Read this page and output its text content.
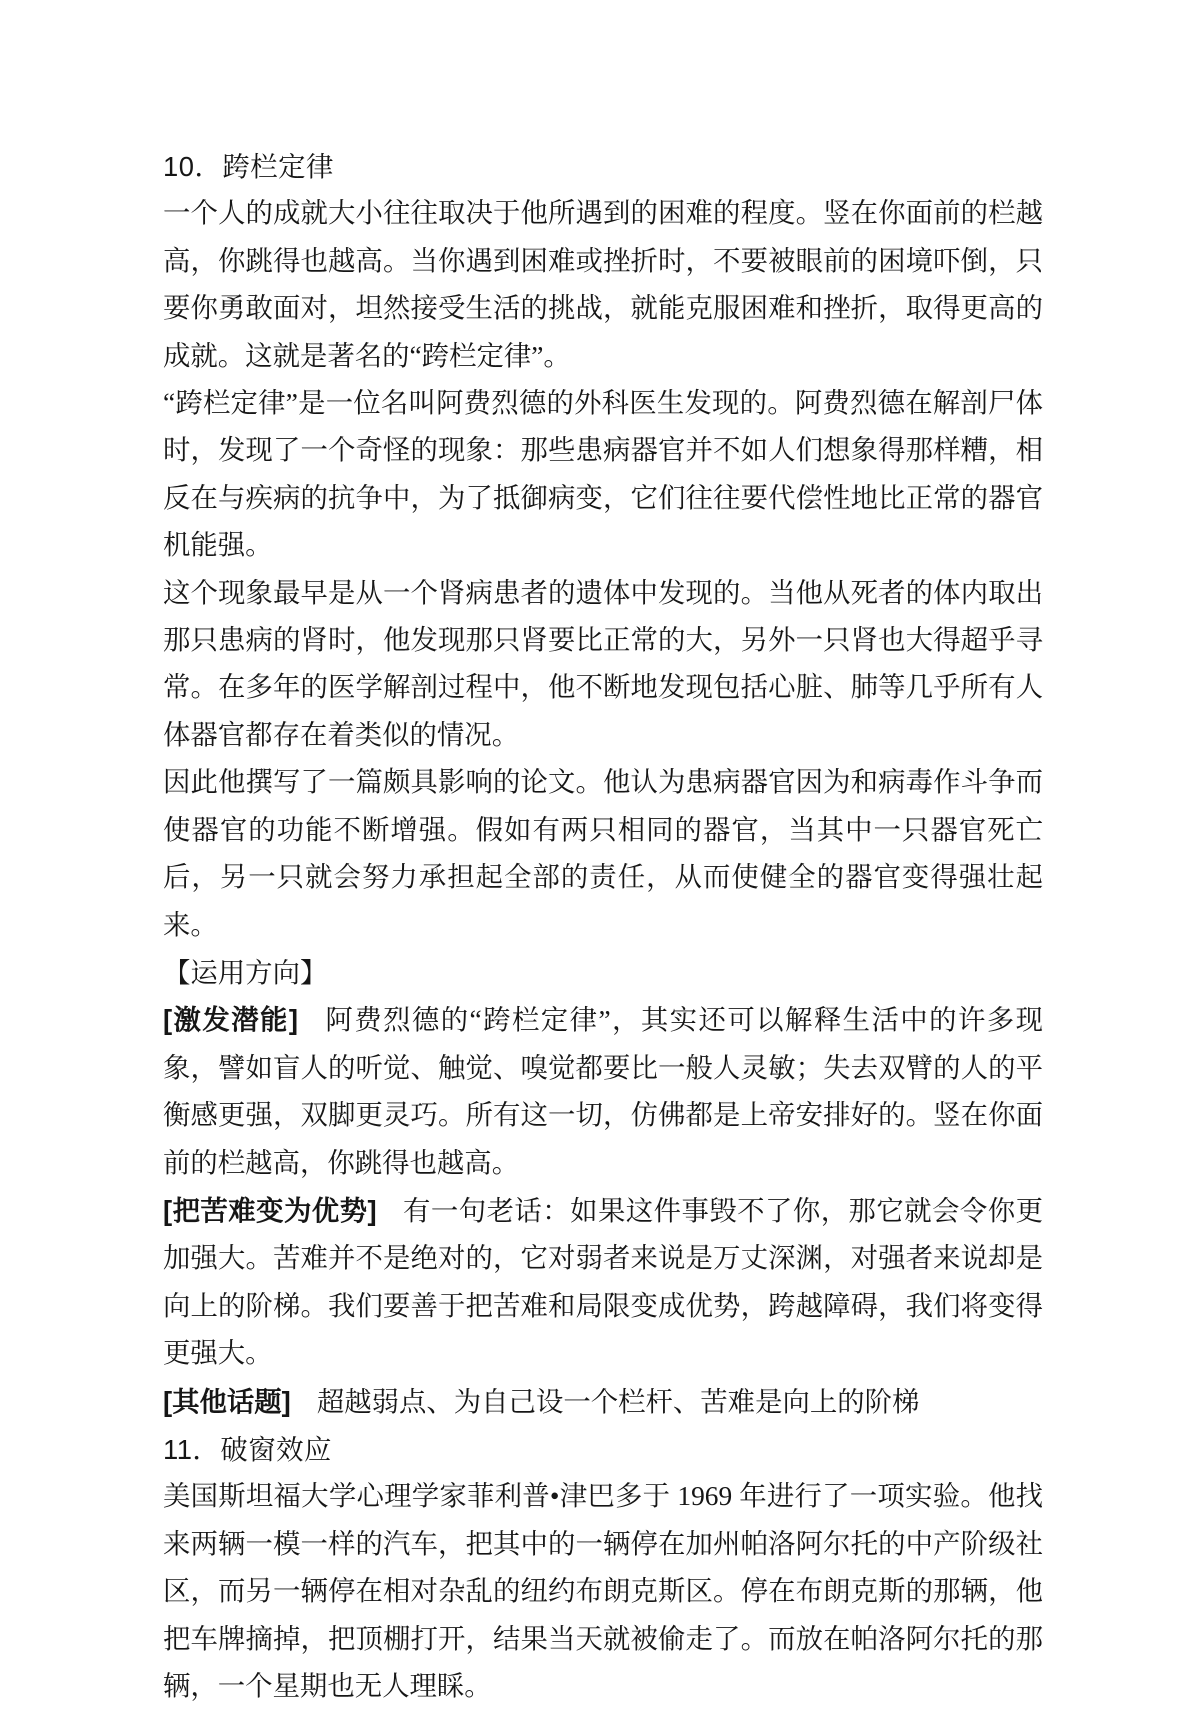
10．跨栏定律

一个人的成就大小往往取决于他所遇到的困难的程度。竖在你面前的栏越高，你跳得也越高。当你遇到困难或挫折时，不要被眼前的困境吓倒，只要你勇敢面对，坦然接受生活的挑战，就能克服困难和挫折，取得更高的成就。这就是著名的“跨栏定律”。

“跨栏定律”是一位名叫阿费烈德的外科医生发现的。阿费烈德在解剖尸体时，发现了一个奇怪的现象：那些患病器官并不如人们想象得那样糟，相反在与疾病的抗争中，为了抵御病变，它们往往要代偿性地比正常的器官机能强。

这个现象最早是从一个肾病患者的遗体中发现的。当他从死者的体内取出那只患病的肾时，他发现那只肾要比正常的大，另外一只肾也大得超乎寻常。在多年的医学解剖过程中，他不断地发现包括心脏、肺等几乎所有人体器官都存在着类似的情况。

因此他撰写了一篇颇具影响的论文。他认为患病器官因为和病毒作斗争而使器官的功能不断增强。假如有两只相同的器官，当其中一只器官死亡后，另一只就会努力承担起全部的责任，从而使健全的器官变得强壮起来。

【运用方向】

[激发潜能] 阿费烈德的“跨栏定律”，其实还可以解释生活中的许多现象，譬如盲人的听觉、触觉、嗅觉都要比一般人灵敏；失去双臂的人的平衡感更强，双脚更灵巧。所有这一切，仿佛都是上帝安排好的。竖在你面前的栏越高，你跳得也越高。

[把苦难变为优势] 有一句老话：如果这件事毁不了你，那它就会令你更加强大。苦难并不是绝对的，它对弱者来说是万丈深渊，对强者来说却是向上的阶梯。我们要善于把苦难和局限变成优势，跨越障碍，我们将变得更强大。

[其他话题] 超越弱点、为自己设一个栏杆、苦难是向上的阶梯

11．破窗效应

美国斯坦福大学心理学家菲利普•津巴多于 1969 年进行了一项实验。他找来两辆一模一样的汽车，把其中的一辆停在加州帕洛阿尔托的中产阶级社区，而另一辆停在相对杂乱的纽约布朗克斯区。停在布朗克斯的那辆，他把车牌摘掉，把顶棚打开，结果当天就被偷走了。而放在帕洛阿尔托的那辆，一个星期也无人理睬。
